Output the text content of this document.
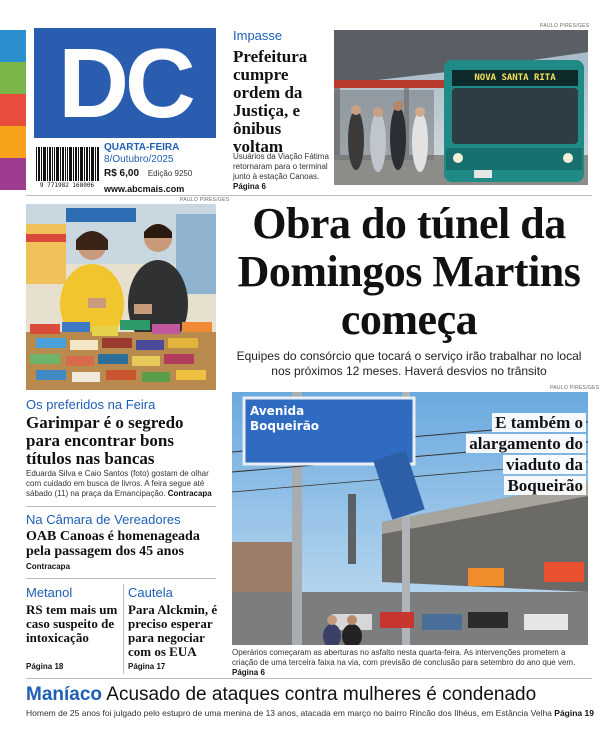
DC
9 771982 168006
QUARTA-FEIRA
8/Outubro/2025
R$ 6,00 Edição 9250
www.abcmais.com
Impasse
Prefeitura cumpre ordem da Justiça, e ônibus voltam
Usuários da Viação Fátima retornaram para o terminal junto à estação Canoas. Página 6
PAULO PIRES/GES
NOVA SANTA RITA
PAULO PIRES/GES Obra do túnel da Domingos Martins começa
Equipes do consórcio que tocará o serviço irão trabalhar no local nos próximos 12 meses. Haverá desvios no trânsito
PAULO PIRES/GES
Os preferidos na Feira
Garimpar é o segredo para encontrar bons títulos nas bancas
Eduarda Silva e Caio Santos (foto) gostam de olhar com cuidado em busca de livros. A feira segue até sábado (11) na praça da Emancipação. Contracapa
Na Câmara de Vereadores
OAB Canoas é homenageada pela passagem dos 45 anos
Contracapa
Metanol
RS tem mais um caso suspeito de intoxicação
Página 18
Cautela
Para Alckmin, é preciso esperar para negociar com os EUA
Página 17
Avenida
Boqueirão	E também o alargamento do viaduto da Boqueirão
Operários começaram as aberturas no asfalto nesta quarta-feira. As intervenções prometem a criação de uma terceira faixa na via, com previsão de conclusão para setembro do ano que vem. Página 6
Maníaco Acusado de ataques contra mulheres é condenado
Homem de 25 anos foi julgado pelo estupro de uma menina de 13 anos, atacada em março no bairro Rincão dos Ilhéus, em Estância Velha Página 19
